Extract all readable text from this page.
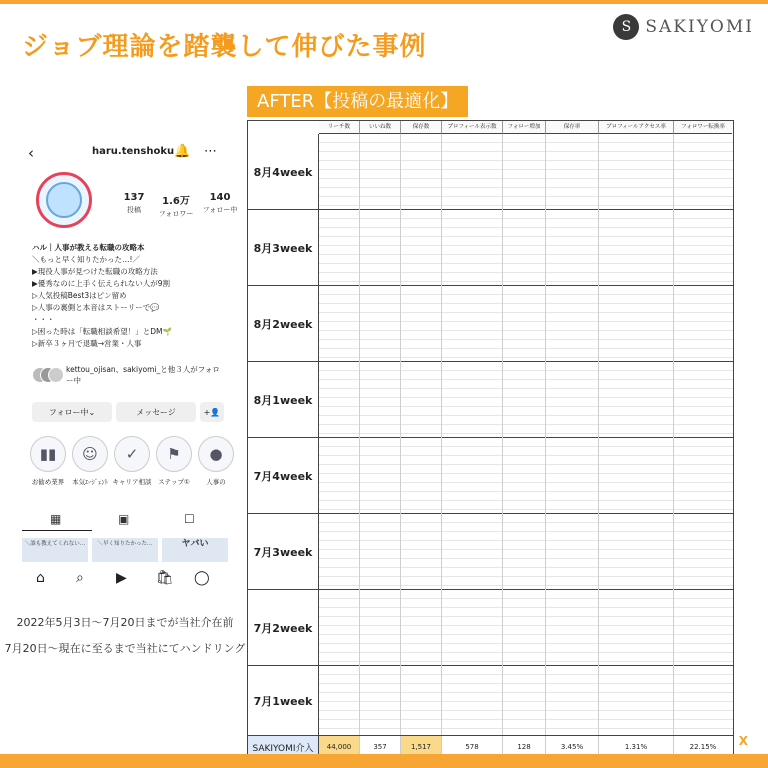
ジョブ理論を踏襲して伸びた事例
S SAKIYOMI
‹	haru.tenshoku 🔔 ⋯
137
投稿
1.6万
フォロワー
140
フォロー中
ハル｜人事が教える転職の攻略本
＼もっと早く知りたかった…!／
▶現役人事が見つけた転職の攻略方法
▶優秀なのに上手く伝えられない人が9割
▷人気投稿Best3はピン留め
▷人事の裏側と本音はストーリーで💬
・・・
▷困った時は「転職相談希望！」とDM🌱
▷新卒３ヶ月で退職→営業・人事
kettou_ojisan、sakiyomi_と他３人がフォロー中
フォロー中⌄	メッセージ	+👤
▮▮
お勧め業界
☺
本気ｴｰｼﾞｪﾝﾄ
✓
キャリア相談
⚑
ステップ①
●
人事の
▦	▣	☐
＼誰も教えてくれない…	＼早く知りたかった…	ヤバい
⌂ ⌕ ▶ 🛍 ◯
2022年5月3日〜7月20日までが当社介在前
7月20日〜現在に至るまで当社にてハンドリング
AFTER【投稿の最適化】
リーチ数	いいね数	保存数	プロフィール表示数	フォロー増加	保存率	プロフィールアクセス率	フォロワー転換率
8月4week
8月3week
8月2week
8月1week
7月4week
7月3week
7月2week
7月1week
SAKIYOMI介入	44,000	357	1,517	578	128	3.45%	1.31%	22.15%	X
